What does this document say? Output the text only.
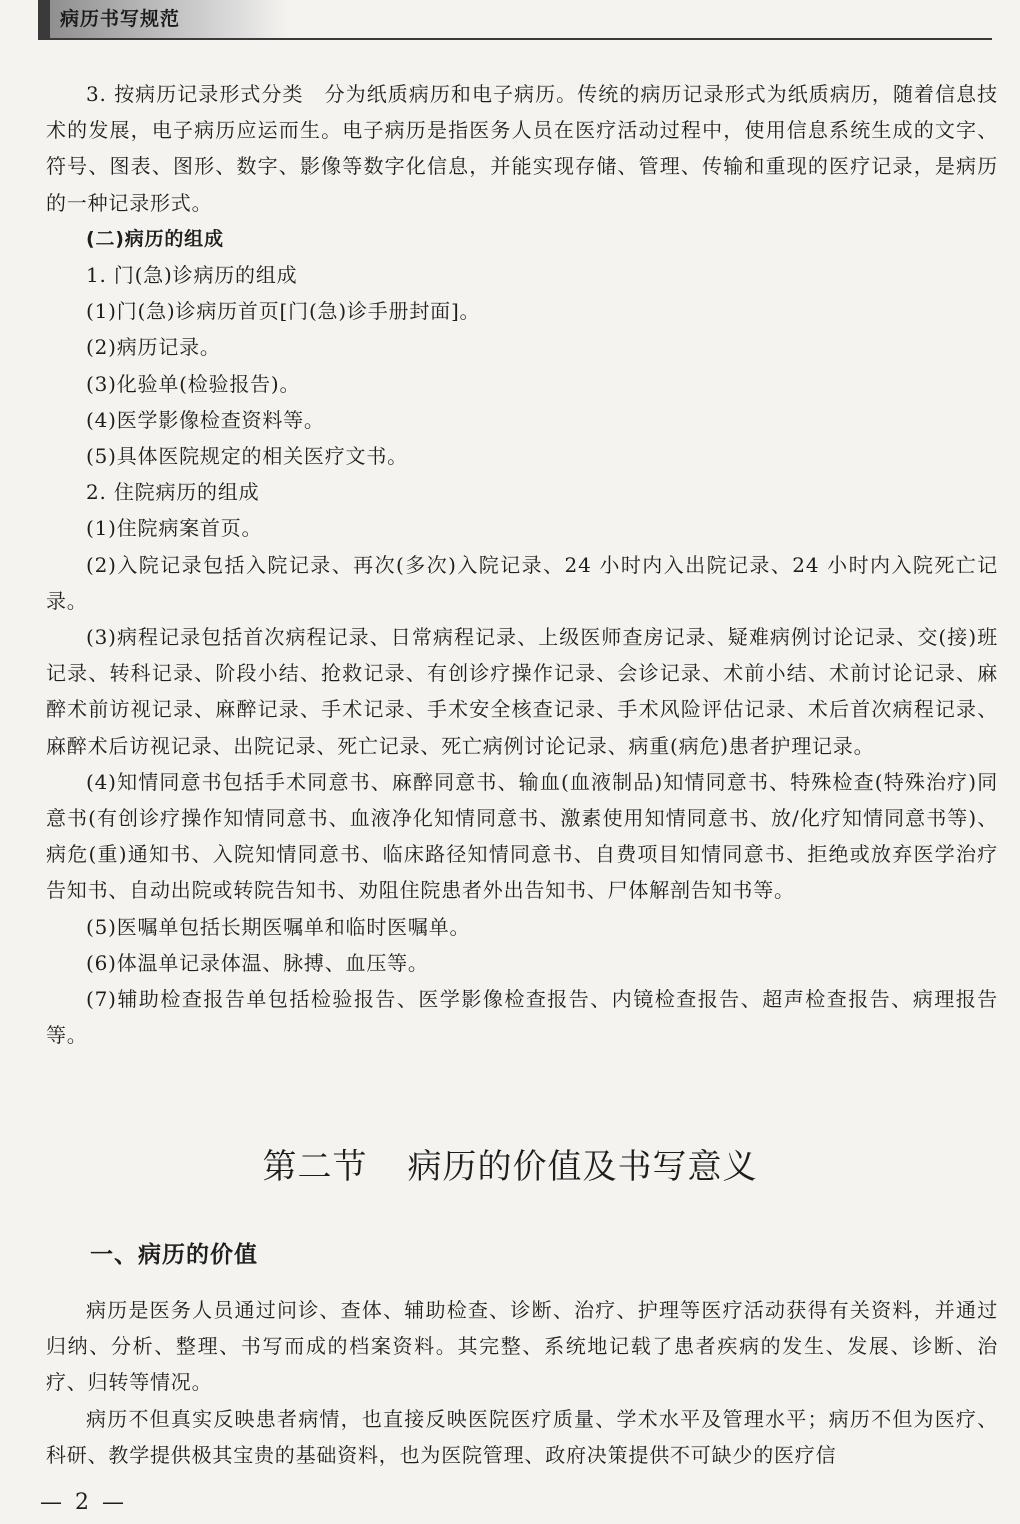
病历书写规范

3. 按病历记录形式分类　分为纸质病历和电子病历。传统的病历记录形式为纸质病历，随着信息技术的发展，电子病历应运而生。电子病历是指医务人员在医疗活动过程中，使用信息系统生成的文字、符号、图表、图形、数字、影像等数字化信息，并能实现存储、管理、传输和重现的医疗记录，是病历的一种记录形式。

(二)病历的组成

1. 门(急)诊病历的组成

(1)门(急)诊病历首页[门(急)诊手册封面]。

(2)病历记录。

(3)化验单(检验报告)。

(4)医学影像检查资料等。

(5)具体医院规定的相关医疗文书。

2. 住院病历的组成

(1)住院病案首页。

(2)入院记录包括入院记录、再次(多次)入院记录、24 小时内入出院记录、24 小时内入院死亡记录。

(3)病程记录包括首次病程记录、日常病程记录、上级医师查房记录、疑难病例讨论记录、交(接)班记录、转科记录、阶段小结、抢救记录、有创诊疗操作记录、会诊记录、术前小结、术前讨论记录、麻醉术前访视记录、麻醉记录、手术记录、手术安全核查记录、手术风险评估记录、术后首次病程记录、麻醉术后访视记录、出院记录、死亡记录、死亡病例讨论记录、病重(病危)患者护理记录。

(4)知情同意书包括手术同意书、麻醉同意书、输血(血液制品)知情同意书、特殊检查(特殊治疗)同意书(有创诊疗操作知情同意书、血液净化知情同意书、激素使用知情同意书、放/化疗知情同意书等)、病危(重)通知书、入院知情同意书、临床路径知情同意书、自费项目知情同意书、拒绝或放弃医学治疗告知书、自动出院或转院告知书、劝阻住院患者外出告知书、尸体解剖告知书等。

(5)医嘱单包括长期医嘱单和临时医嘱单。

(6)体温单记录体温、脉搏、血压等。

(7)辅助检查报告单包括检验报告、医学影像检查报告、内镜检查报告、超声检查报告、病理报告等。

第二节 病历的价值及书写意义
一、病历的价值

病历是医务人员通过问诊、查体、辅助检查、诊断、治疗、护理等医疗活动获得有关资料，并通过归纳、分析、整理、书写而成的档案资料。其完整、系统地记载了患者疾病的发生、发展、诊断、治疗、归转等情况。

病历不但真实反映患者病情，也直接反映医院医疗质量、学术水平及管理水平；病历不但为医疗、科研、教学提供极其宝贵的基础资料，也为医院管理、政府决策提供不可缺少的医疗信

— 2 —
